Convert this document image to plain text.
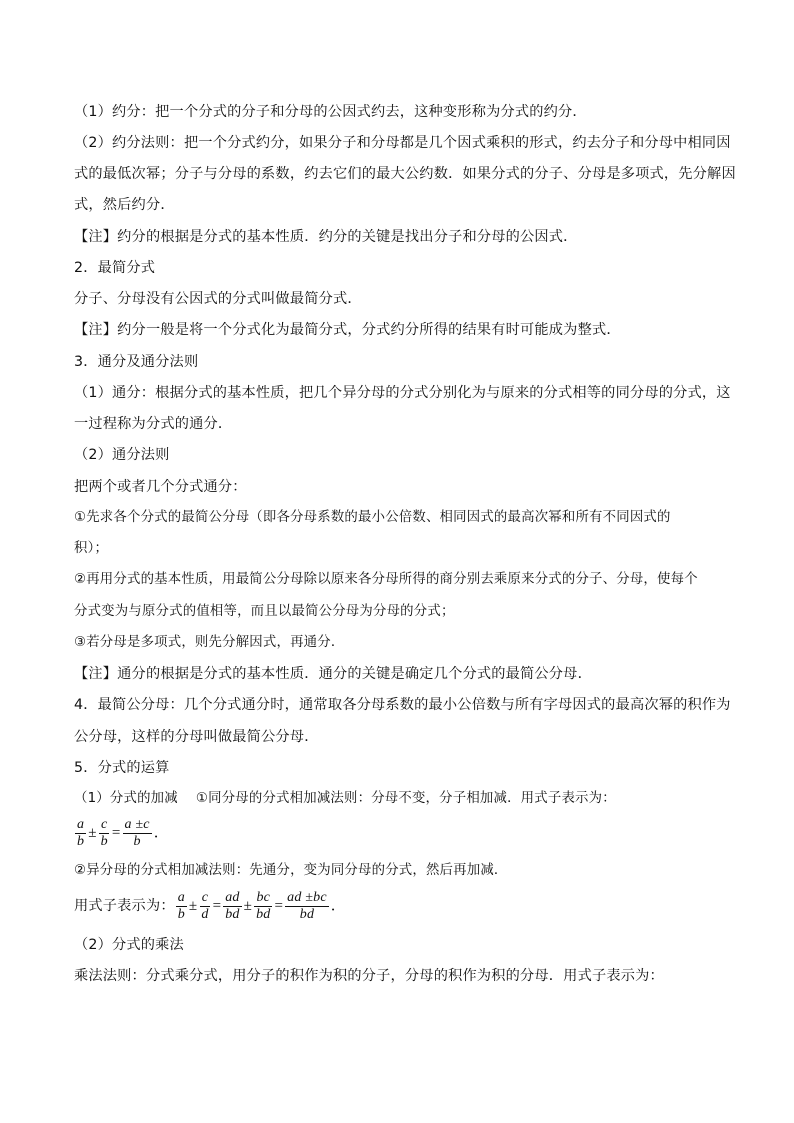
（1）约分：把一个分式的分子和分母的公因式约去，这种变形称为分式的约分．
（2）约分法则：把一个分式约分，如果分子和分母都是几个因式乘积的形式，约去分子和分母中相同因
式的最低次幂；分子与分母的系数，约去它们的最大公约数．如果分式的分子、分母是多项式，先分解因
式，然后约分．
【注】约分的根据是分式的基本性质．约分的关键是找出分子和分母的公因式．
2．最简分式
分子、分母没有公因式的分式叫做最简分式．
【注】约分一般是将一个分式化为最简分式，分式约分所得的结果有时可能成为整式．
3．通分及通分法则
（1）通分：根据分式的基本性质，把几个异分母的分式分别化为与原来的分式相等的同分母的分式，这
一过程称为分式的通分．
（2）通分法则
把两个或者几个分式通分：
①先求各个分式的最简公分母（即各分母系数的最小公倍数、相同因式的最高次幂和所有不同因式的
积）；
②再用分式的基本性质，用最简公分母除以原来各分母所得的商分别去乘原来分式的分子、分母，使每个
分式变为与原分式的值相等，而且以最简公分母为分母的分式；
③若分母是多项式，则先分解因式，再通分．
【注】通分的根据是分式的基本性质．通分的关键是确定几个分式的最简公分母．
4．最简公分母：几个分式通分时，通常取各分母系数的最小公倍数与所有字母因式的最高次幂的积作为
公分母，这样的分母叫做最简公分母．
5．分式的运算
（1）分式的加减　 ①同分母的分式相加减法则：分母不变，分子相加减．用式子表示为：
$\frac{a}{b} \pm \frac{c}{b} = \frac{a \pm c}{b}$ ．
②异分母的分式相加减法则：先通分，变为同分母的分式，然后再加减．
用式子表示为： $\frac{a}{b} \pm \frac{c}{d} = \frac{ad}{bd} \pm \frac{bc}{bd} = \frac{ad \pm bc}{bd}$ ．
（2）分式的乘法
乘法法则：分式乘分式，用分子的积作为积的分子，分母的积作为积的分母．用式子表示为：
